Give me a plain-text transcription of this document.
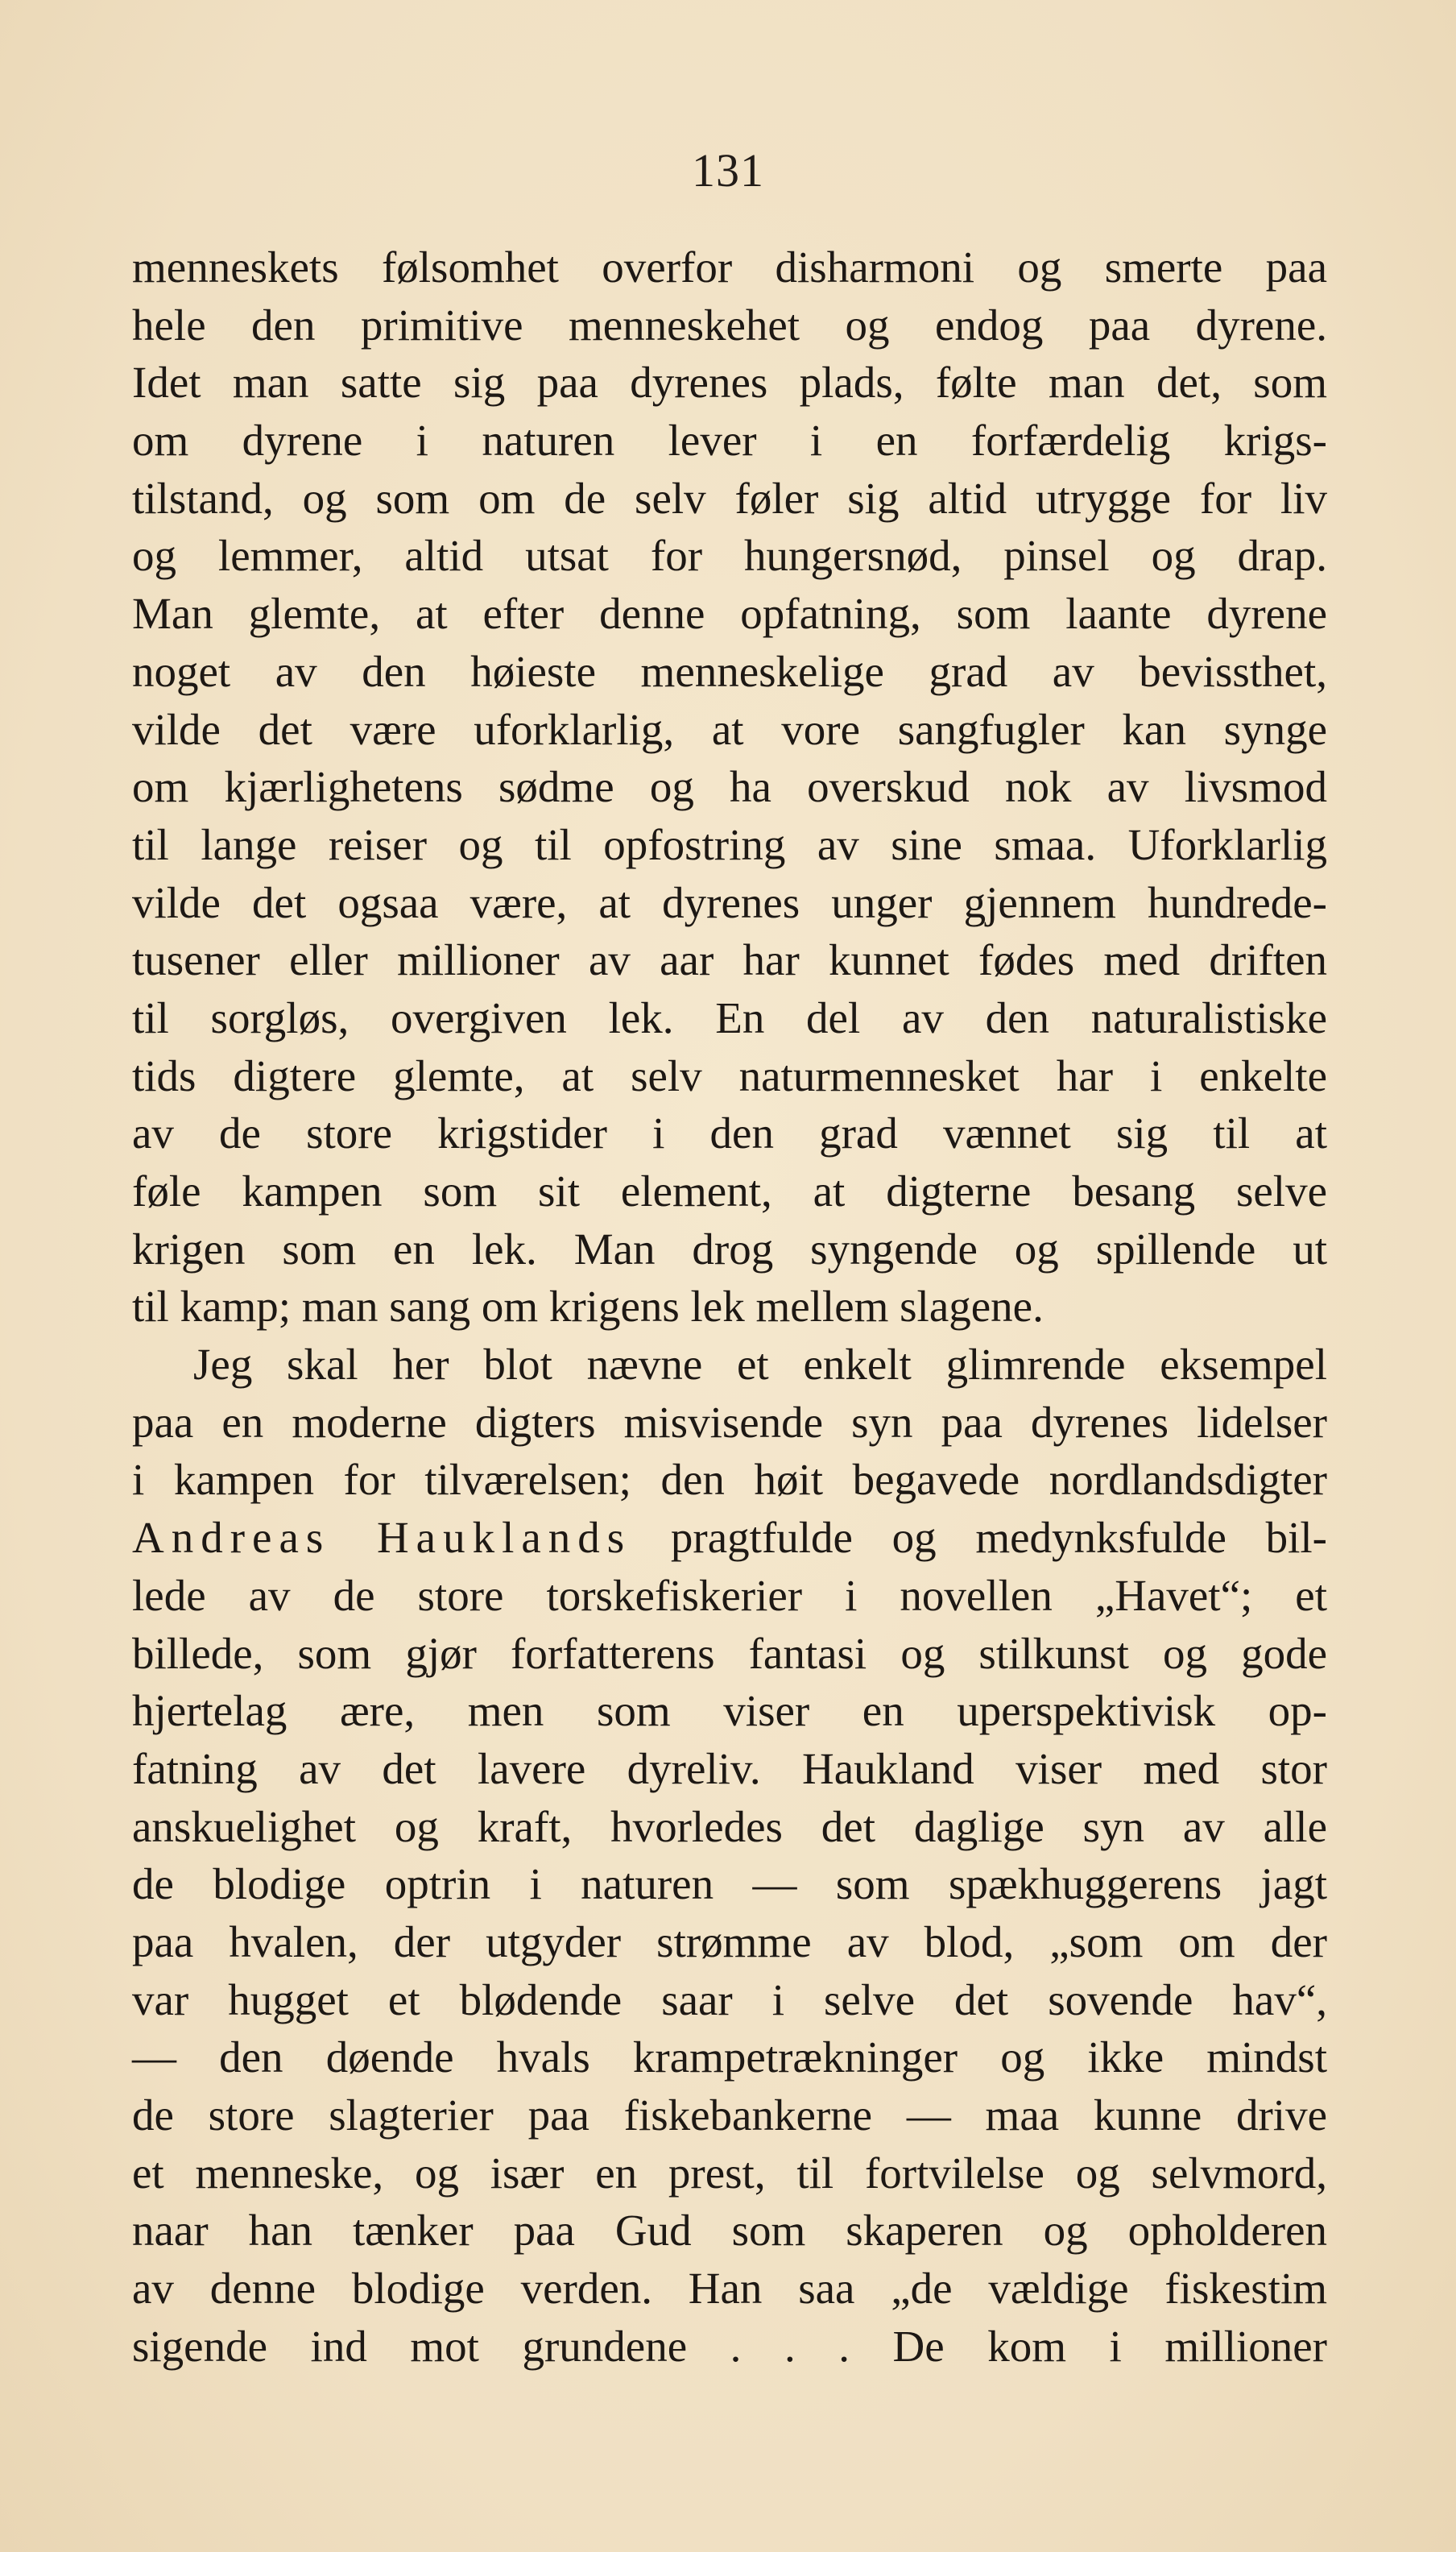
131
menneskets følsomhet overfor disharmoni og smerte paa
hele den primitive menneskehet og endog paa dyrene.
Idet man satte sig paa dyrenes plads, følte man det, som
om dyrene i naturen lever i en forfærdelig krigs-
tilstand, og som om de selv føler sig altid utrygge for liv
og lemmer, altid utsat for hungersnød, pinsel og drap.
Man glemte, at efter denne opfatning, som laante dyrene
noget av den høieste menneskelige grad av bevissthet,
vilde det være uforklarlig, at vore sangfugler kan synge
om kjærlighetens sødme og ha overskud nok av livsmod
til lange reiser og til opfostring av sine smaa. Uforklarlig
vilde det ogsaa være, at dyrenes unger gjennem hundrede-
tusener eller millioner av aar har kunnet fødes med driften
til sorgløs, overgiven lek. En del av den naturalistiske
tids digtere glemte, at selv naturmennesket har i enkelte
av de store krigstider i den grad vænnet sig til at
føle kampen som sit element, at digterne besang selve
krigen som en lek. Man drog syngende og spillende ut
til kamp; man sang om krigens lek mellem slagene.
Jeg skal her blot nævne et enkelt glimrende eksempel
paa en moderne digters misvisende syn paa dyrenes lidelser
i kampen for tilværelsen; den høit begavede nordlandsdigter
Andreas Hauklands pragtfulde og medynksfulde bil-
lede av de store torskefiskerier i novellen „Havet“; et
billede, som gjør forfatterens fantasi og stilkunst og gode
hjertelag ære, men som viser en uperspektivisk op-
fatning av det lavere dyreliv. Haukland viser med stor
anskuelighet og kraft, hvorledes det daglige syn av alle
de blodige optrin i naturen — som spækhuggerens jagt
paa hvalen, der utgyder strømme av blod, „som om der
var hugget et blødende saar i selve det sovende hav“,
— den døende hvals krampetrækninger og ikke mindst
de store slagterier paa fiskebankerne — maa kunne drive
et menneske, og især en prest, til fortvilelse og selvmord,
naar han tænker paa Gud som skaperen og opholderen
av denne blodige verden. Han saa „de vældige fiskestim
sigende ind mot grundene . . . De kom i millioner
